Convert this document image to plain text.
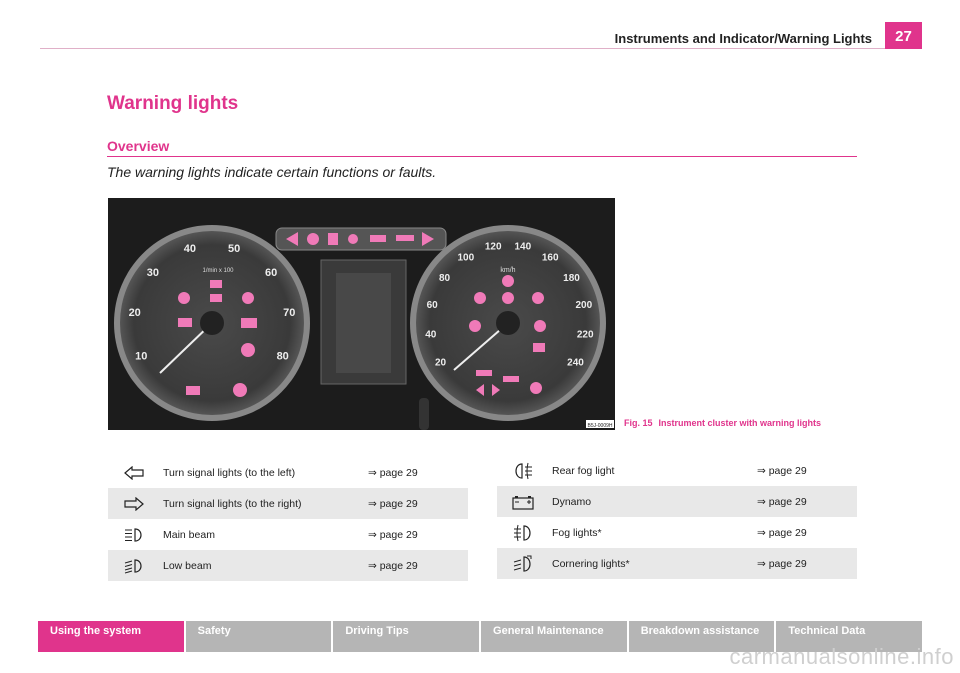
Instruments and Indicator/Warning Lights	27
Warning lights
Overview
The warning lights indicate certain functions or faults.
10
20
30
40	50
60
70
80
20
40
60
80
100
120 140
160
180
200
220
240
1/min x 100	km/h
B5J-0009H Fig. 15 Instrument cluster with warning lights
Turn signal lights (to the left)	⇒ page 29
Turn signal lights (to the right)	⇒ page 29
Main beam	⇒ page 29
Low beam	⇒ page 29
Rear fog light	⇒ page 29
Dynamo	⇒ page 29
Fog lights*	⇒ page 29
Cornering lights*	⇒ page 29
Using the system	Safety	Driving Tips	General Maintenance	Breakdown assistance	Technical Data
carmanualsonline.info
